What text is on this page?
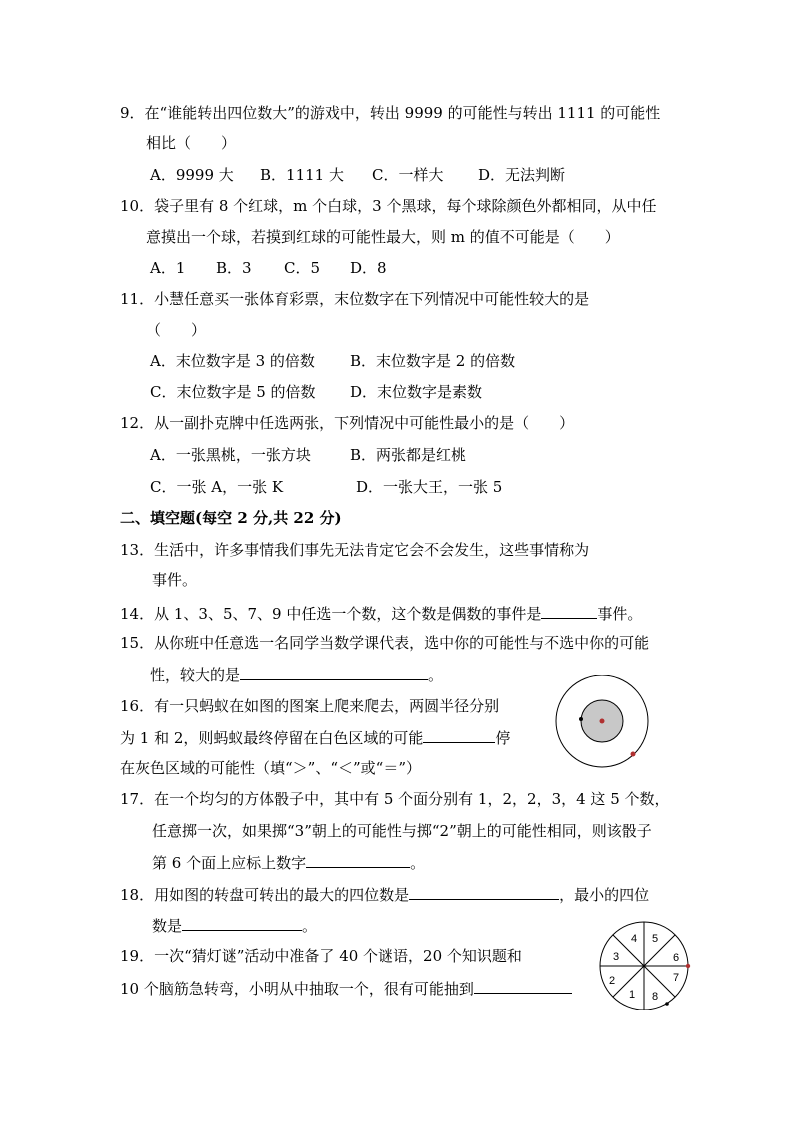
9．在“谁能转出四位数大”的游戏中，转出 9999 的可能性与转出 1111 的可能性
相比（　　）
A．9999 大 B．1111 大 C．一样大 D．无法判断
10．袋子里有 8 个红球，m 个白球，3 个黑球，每个球除颜色外都相同，从中任
意摸出一个球，若摸到红球的可能性最大，则 m 的值不可能是（　　）
A．1 B．3 C．5 D．8
11．小慧任意买一张体育彩票，末位数字在下列情况中可能性较大的是
（　　）
A．末位数字是 3 的倍数 B．末位数字是 2 的倍数
C．末位数字是 5 的倍数 D．末位数字是素数
12．从一副扑克牌中任选两张，下列情况中可能性最小的是（　　）
A．一张黑桃，一张方块	B．两张都是红桃
C．一张 A，一张 K	D．一张大王，一张 5
二、填空题(每空 2 分,共 22 分)
13．生活中，许多事情我们事先无法肯定它会不会发生，这些事情称为
事件。
14．从 1、3、5、7、9 中任选一个数，这个数是偶数的事件是	事件。
15．从你班中任意选一名同学当数学课代表，选中你的可能性与不选中你的可能
性，较大的是	。
16．有一只蚂蚁在如图的图案上爬来爬去，两圆半径分别
为 1 和 2，则蚂蚁最终停留在白色区域的可能	停
在灰色区域的可能性（填“＞”、“＜”或“＝”）
17．在一个均匀的方体骰子中，其中有 5 个面分别有 1，2，2，3，4 这 5 个数，
任意掷一次，如果掷“3”朝上的可能性与掷“2”朝上的可能性相同，则该骰子
第 6 个面上应标上数字	。
18．用如图的转盘可转出的最大的四位数是	，最小的四位
数是	。
19．一次“猜灯谜”活动中准备了 40 个谜语，20 个知识题和
10 个脑筋急转弯，小明从中抽取一个，很有可能抽到
4 5
6
7
8
1
2
3
